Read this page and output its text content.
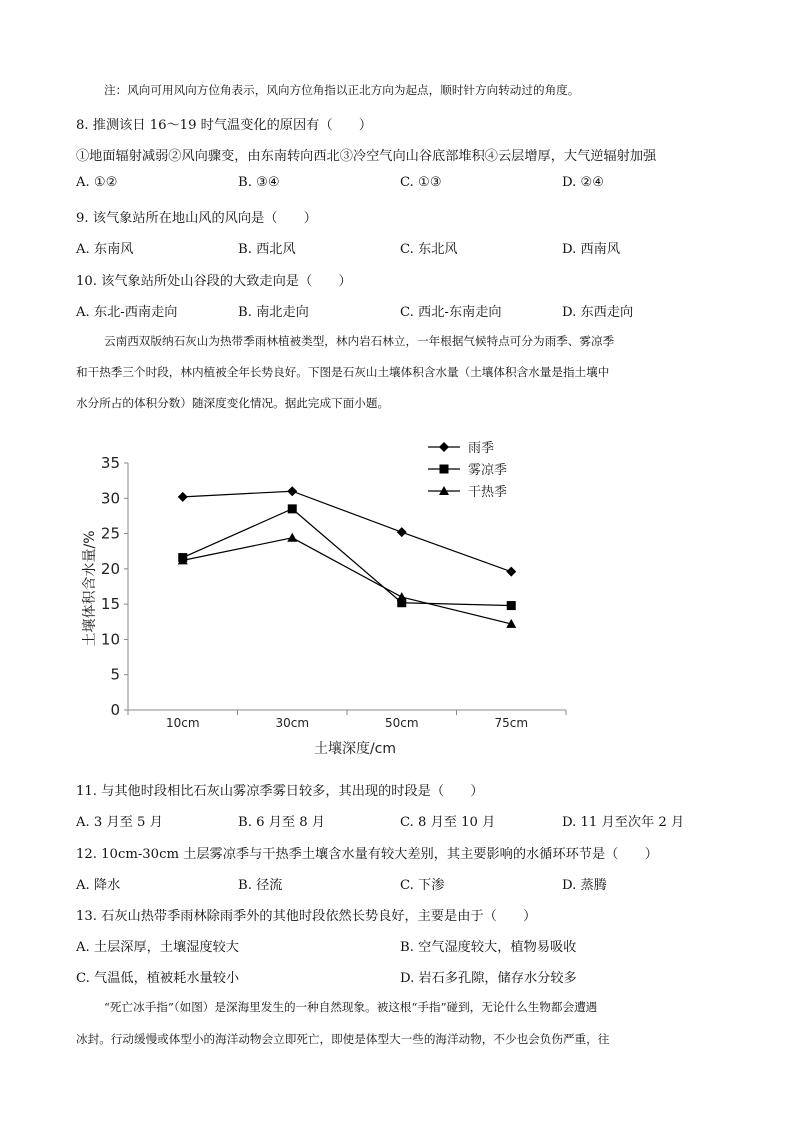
注：风向可用风向方位角表示，风向方位角指以正北方向为起点，顺时针方向转动过的角度。
8. 推测该日 16～19 时气温变化的原因有（　　）
①地面辐射减弱②风向骤变，由东南转向西北③冷空气向山谷底部堆积④云层增厚，大气逆辐射加强
A. ①②	B. ③④	C. ①③	D. ②④
9. 该气象站所在地山风的风向是（　　）
A. 东南风	B. 西北风	C. 东北风	D. 西南风
10. 该气象站所处山谷段的大致走向是（　　）
A. 东北-西南走向	B. 南北走向	C. 西北-东南走向	D. 东西走向
云南西双版纳石灰山为热带季雨林植被类型，林内岩石林立，一年根据气候特点可分为雨季、雾凉季
和干热季三个时段，林内植被全年长势良好。下图是石灰山土壤体积含水量（土壤体积含水量是指土壤中
水分所占的体积分数）随深度变化情况。据此完成下面小题。
雨季
雾凉季
干热季
0
5
10
15
20
25
30
35
10cm	30cm	50cm	75cm
土壤深度/cm
土壤体积含水量/%
11. 与其他时段相比石灰山雾凉季雾日较多，其出现的时段是（　　）
A. 3 月至 5 月	B. 6 月至 8 月	C. 8 月至 10 月	D. 11 月至次年 2 月
12. 10cm-30cm 土层雾凉季与干热季土壤含水量有较大差别，其主要影响的水循环环节是（　　）
A. 降水	B. 径流	C. 下渗	D. 蒸腾
13. 石灰山热带季雨林除雨季外的其他时段依然长势良好，主要是由于（　　）
A. 土层深厚，土壤湿度较大	B. 空气湿度较大，植物易吸收
C. 气温低，植被耗水量较小	D. 岩石多孔隙，储存水分较多
“死亡冰手指”（如图）是深海里发生的一种自然现象。被这根“手指”碰到，无论什么生物都会遭遇
冰封。行动缓慢或体型小的海洋动物会立即死亡，即使是体型大一些的海洋动物，不少也会负伤严重，往
